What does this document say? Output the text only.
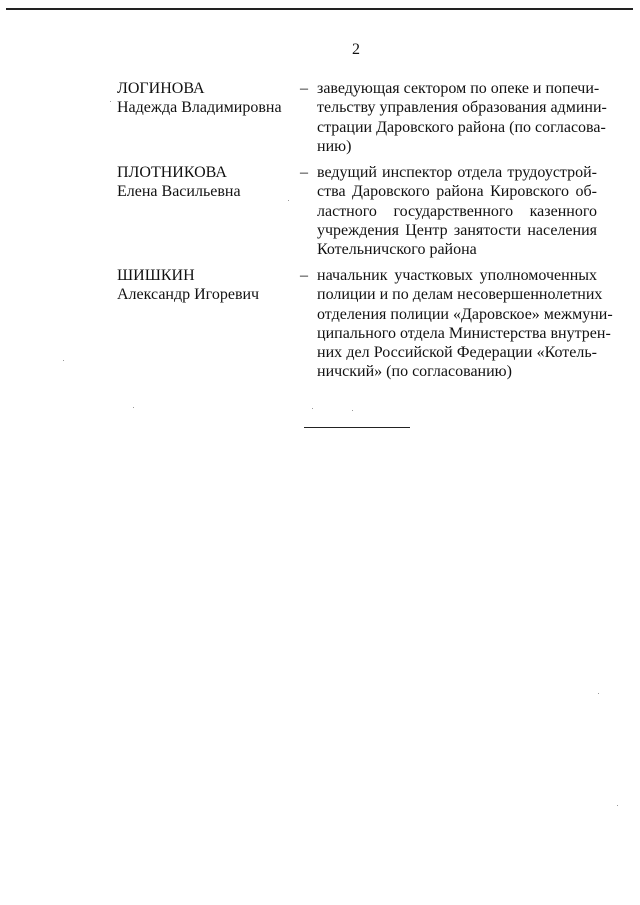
2
ЛОГИНОВА
Надежда Владимировна
– заведующая сектором по опеке и попечи-
тельству управления образования админи-
страции Даровского района (по согласова-
нию)
ПЛОТНИКОВА
Елена Васильевна
– ведущий инспектор отдела трудоустрой-
ства Даровского района Кировского об-
ластного государственного казенного
учреждения Центр занятости населения
Котельничского района
ШИШКИН
Александр Игоревич
– начальник участковых уполномоченных
полиции и по делам несовершеннолетних
отделения полиции «Даровское» межмуни-
ципального отдела Министерства внутрен-
них дел Российской Федерации «Котель-
ничский» (по согласованию)
